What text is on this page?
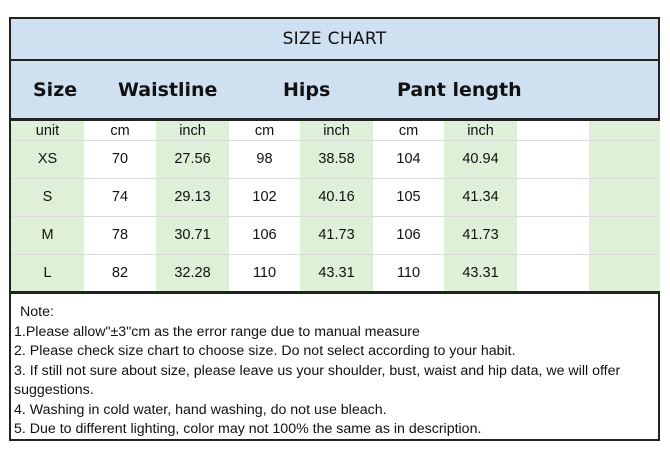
SIZE CHART
Size Waistline	Hips	Pant length
unit	cm	inch	cm	inch	cm	inch
XS	70	27.56	98	38.58	104	40.94
S	74	29.13	102	40.16	105	41.34
M	78	30.71	106	41.73	106	41.73
L	82	32.28	110	43.31	110	43.31
Note:
1.Please allow"±3"cm as the error range due to manual measure
2. Please check size chart to choose size. Do not select according to your habit.
3. If still not sure about size, please leave us your shoulder, bust, waist and hip data, we will offer suggestions.
4. Washing in cold water, hand washing, do not use bleach.
5. Due to different lighting, color may not 100% the same as in description.
